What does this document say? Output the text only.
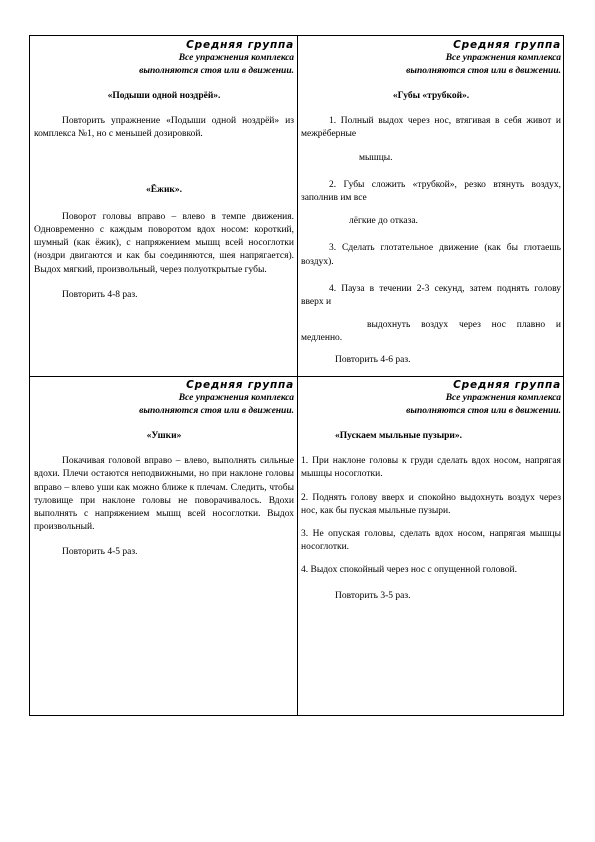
Средняя группа
Все упражнения комплекса
выполняются стоя или в движении.
«Подыши одной ноздрёй».
Повторить упражнение «Подыши одной ноздрёй» из комплекса №1, но с меньшей дозировкой.
«Ёжик».
Поворот головы вправо – влево в темпе движения. Одновременно с каждым поворотом вдох носом: короткий, шумный (как ёжик), с напряжением мышц всей носоглотки (ноздри двигаются и как бы соединяются, шея напрягается). Выдох мягкий, произвольный, через полуоткрытые губы.
Повторить 4-8 раз.
Средняя группа
Все упражнения комплекса
выполняются стоя или в движении.
«Губы «трубкой».
1. Полный выдох через нос, втягивая в себя живот и межрёберные
мышцы.
2. Губы сложить «трубкой», резко втянуть воздух, заполнив им все
лёгкие до отказа.
3. Сделать глотательное движение (как бы глотаешь воздух).
4. Пауза в течении 2-3 секунд, затем поднять голову вверх и
выдохнуть воздух через нос плавно и медленно.
Повторить 4-6 раз.
Средняя группа
Все упражнения комплекса
выполняются стоя или в движении.
«Ушки»
Покачивая головой вправо – влево, выполнять сильные вдохи. Плечи остаются неподвижными, но при наклоне головы вправо – влево уши как можно ближе к плечам. Следить, чтобы туловище при наклоне головы не поворачивалось. Вдохи выполнять с напряжением мышц всей носоглотки. Выдох произвольный.
Повторить 4-5 раз.
Средняя группа
Все упражнения комплекса
выполняются стоя или в движении.
«Пускаем мыльные пузыри».
1. При наклоне головы к груди сделать вдох носом, напрягая мышцы носоглотки.
2. Поднять голову вверх и спокойно выдохнуть воздух через нос, как бы пуская мыльные пузыри.
3. Не опуская головы, сделать вдох носом, напрягая мышцы носоглотки.
4. Выдох спокойный через нос с опущенной головой.
Повторить 3-5 раз.
